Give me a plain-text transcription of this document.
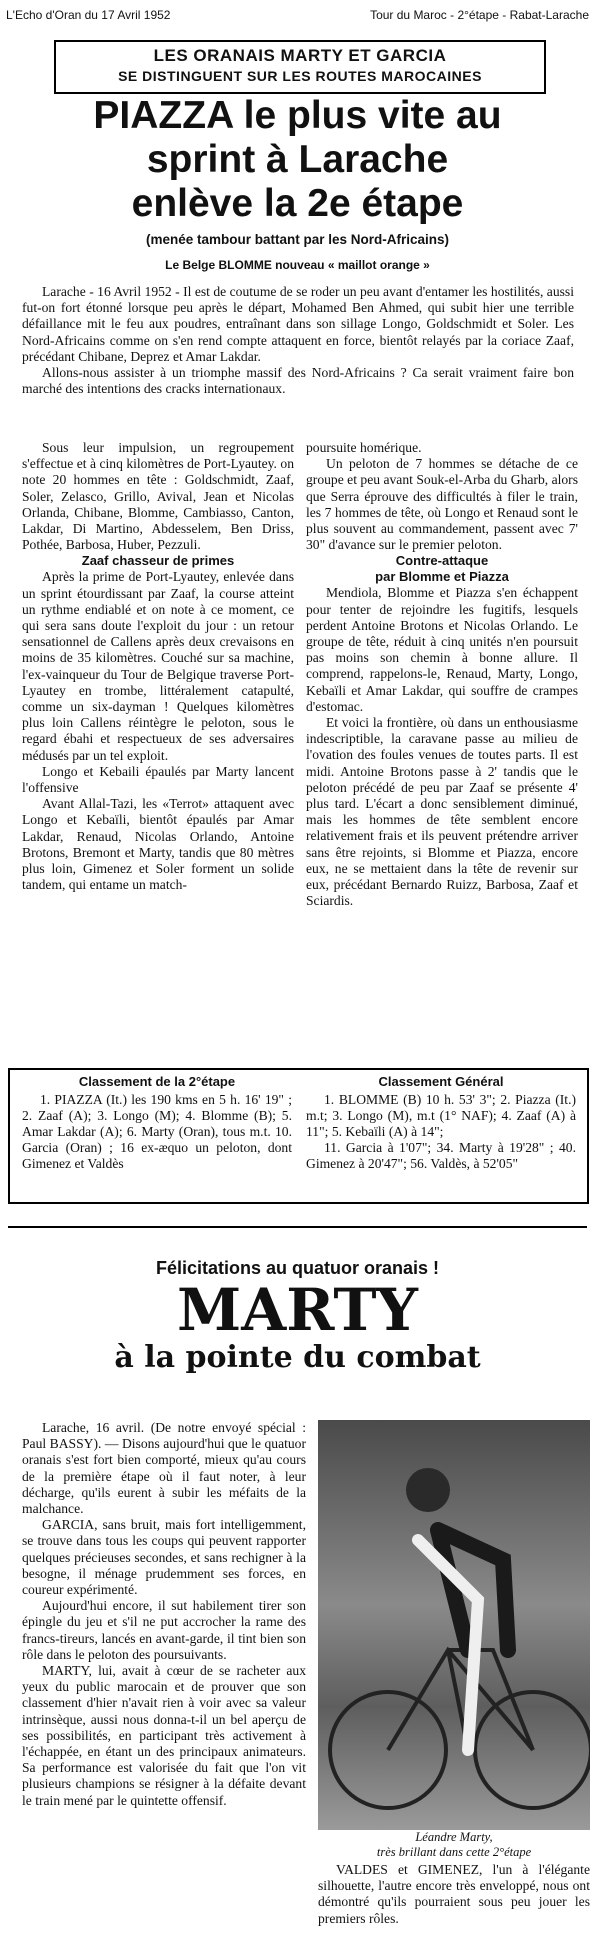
L'Echo d'Oran du 17 Avril 1952	Tour du Maroc - 2°étape - Rabat-Larache
LES ORANAIS MARTY ET GARCIA
SE DISTINGUENT SUR LES ROUTES MAROCAINES
PIAZZA le plus vite au
sprint à Larache
enlève la 2e étape
(menée tambour battant par les Nord-Africains)
Le Belge BLOMME nouveau « maillot orange »

Larache - 16 Avril 1952 - Il est de coutume de se roder un peu avant d'entamer les hostilités, aussi fut-on fort étonné lorsque peu après le départ, Mohamed Ben Ahmed, qui subit hier une terrible défaillance mit le feu aux poudres, entraînant dans son sillage Longo, Goldschmidt et Soler. Les Nord-Africains comme on s'en rend compte attaquent en force, bientôt relayés par la coriace Zaaf, précédant Chibane, Deprez et Amar Lakdar.

Allons-nous assister à un triomphe massif des Nord-Africains ? Ca serait vraiment faire bon marché des intentions des cracks internationaux.

Sous leur impulsion, un regroupement s'effectue et à cinq kilomètres de Port-Lyautey. on note 20 hommes en tête : Goldschmidt, Zaaf, Soler, Zelasco, Grillo, Avival, Jean et Nicolas Orlanda, Chibane, Blomme, Cambiasso, Canton, Lakdar, Di Martino, Abdesselem, Ben Driss, Pothée, Barbosa, Huber, Pezzuli.

Zaaf chasseur de primes

Après la prime de Port-Lyautey, enlevée dans un sprint étourdissant par Zaaf, la course atteint un rythme endiablé et on note à ce moment, ce qui sera sans doute l'exploit du jour : un retour sensationnel de Callens après deux crevaisons en moins de 35 kilomètres. Couché sur sa machine, l'ex-vainqueur du Tour de Belgique traverse Port-Lyautey en trombe, littéralement catapulté, comme un six-dayman ! Quelques kilomètres plus loin Callens réintègre le peloton, sous le regard ébahi et respectueux de ses adversaires médusés par un tel exploit.

Longo et Kebaili épaulés par Marty lancent l'offensive

Avant Allal-Tazi, les «Terrot» attaquent avec Longo et Kebaïli, bientôt épaulés par Amar Lakdar, Renaud, Nicolas Orlando, Antoine Brotons, Bremont et Marty, tandis que 80 mètres plus loin, Gimenez et Soler forment un solide tandem, qui entame un match-

poursuite homérique.

Un peloton de 7 hommes se détache de ce groupe et peu avant Souk-el-Arba du Gharb, alors que Serra éprouve des difficultés à filer le train, les 7 hommes de tête, où Longo et Renaud sont le plus souvent au commandement, passent avec 7' 30" d'avance sur le premier peloton.

Contre-attaque

par Blomme et Piazza

Mendiola, Blomme et Piazza s'en échappent pour tenter de rejoindre les fugitifs, lesquels perdent Antoine Brotons et Nicolas Orlando. Le groupe de tête, réduit à cinq unités n'en poursuit pas moins son chemin à bonne allure. Il comprend, rappelons-le, Renaud, Marty, Longo, Kebaïli et Amar Lakdar, qui souffre de crampes d'estomac.

Et voici la frontière, où dans un enthousiasme indescriptible, la caravane passe au milieu de l'ovation des foules venues de toutes parts. Il est midi. Antoine Brotons passe à 2' tandis que le peloton précédé de peu par Zaaf se présente 4' plus tard. L'écart a donc sensiblement diminué, mais les hommes de tête semblent encore relativement frais et ils peuvent prétendre arriver sans être rejoints, si Blomme et Piazza, encore eux, ne se mettaient dans la tête de revenir sur eux, précédant Bernardo Ruizz, Barbosa, Zaaf et Sciardis.

Classement de la 2°étape

1. PIAZZA (It.) les 190 kms en 5 h. 16' 19" ; 2. Zaaf (A); 3. Longo (M); 4. Blomme (B); 5. Amar Lakdar (A); 6. Marty (Oran), tous m.t. 10. Garcia (Oran) ; 16 ex-æquo un peloton, dont Gimenez et Valdès

Classement Général

1. BLOMME (B) 10 h. 53' 3"; 2. Piazza (It.) m.t; 3. Longo (M), m.t (1° NAF); 4. Zaaf (A) à 11"; 5. Kebaïli (A) à 14";

11. Garcia à 1'07"; 34. Marty à 19'28" ; 40. Gimenez à 20'47"; 56. Valdès, à 52'05"

Félicitations au quatuor oranais !
MARTY
à la pointe du combat

Larache, 16 avril. (De notre envoyé spécial : Paul BASSY). — Disons aujourd'hui que le quatuor oranais s'est fort bien comporté, mieux qu'au cours de la première étape où il faut noter, à leur décharge, qu'ils eurent à subir les méfaits de la malchance.

GARCIA, sans bruit, mais fort intelligemment, se trouve dans tous les coups qui peuvent rapporter quelques précieuses secondes, et sans rechigner à la besogne, il ménage prudemment ses forces, en coureur expérimenté.

Aujourd'hui encore, il sut habilement tirer son épingle du jeu et s'il ne put accrocher la rame des francs-tireurs, lancés en avant-garde, il tint bien son rôle dans le peloton des poursuivants.

MARTY, lui, avait à cœur de se racheter aux yeux du public marocain et de prouver que son classement d'hier n'avait rien à voir avec sa valeur intrinsèque, aussi nous donna-t-il un bel aperçu de ses possibilités, en participant très activement à l'échappée, en étant un des principaux animateurs. Sa performance est valorisée du fait que l'on vit plusieurs champions se résigner à la défaite devant le train mené par le quintette offensif.

Léandre Marty,
très brillant dans cette 2°étape

VALDES et GIMENEZ, l'un à l'élégante silhouette, l'autre encore très enveloppé, nous ont démontré qu'ils pourraient sous peu jouer les premiers rôles.
